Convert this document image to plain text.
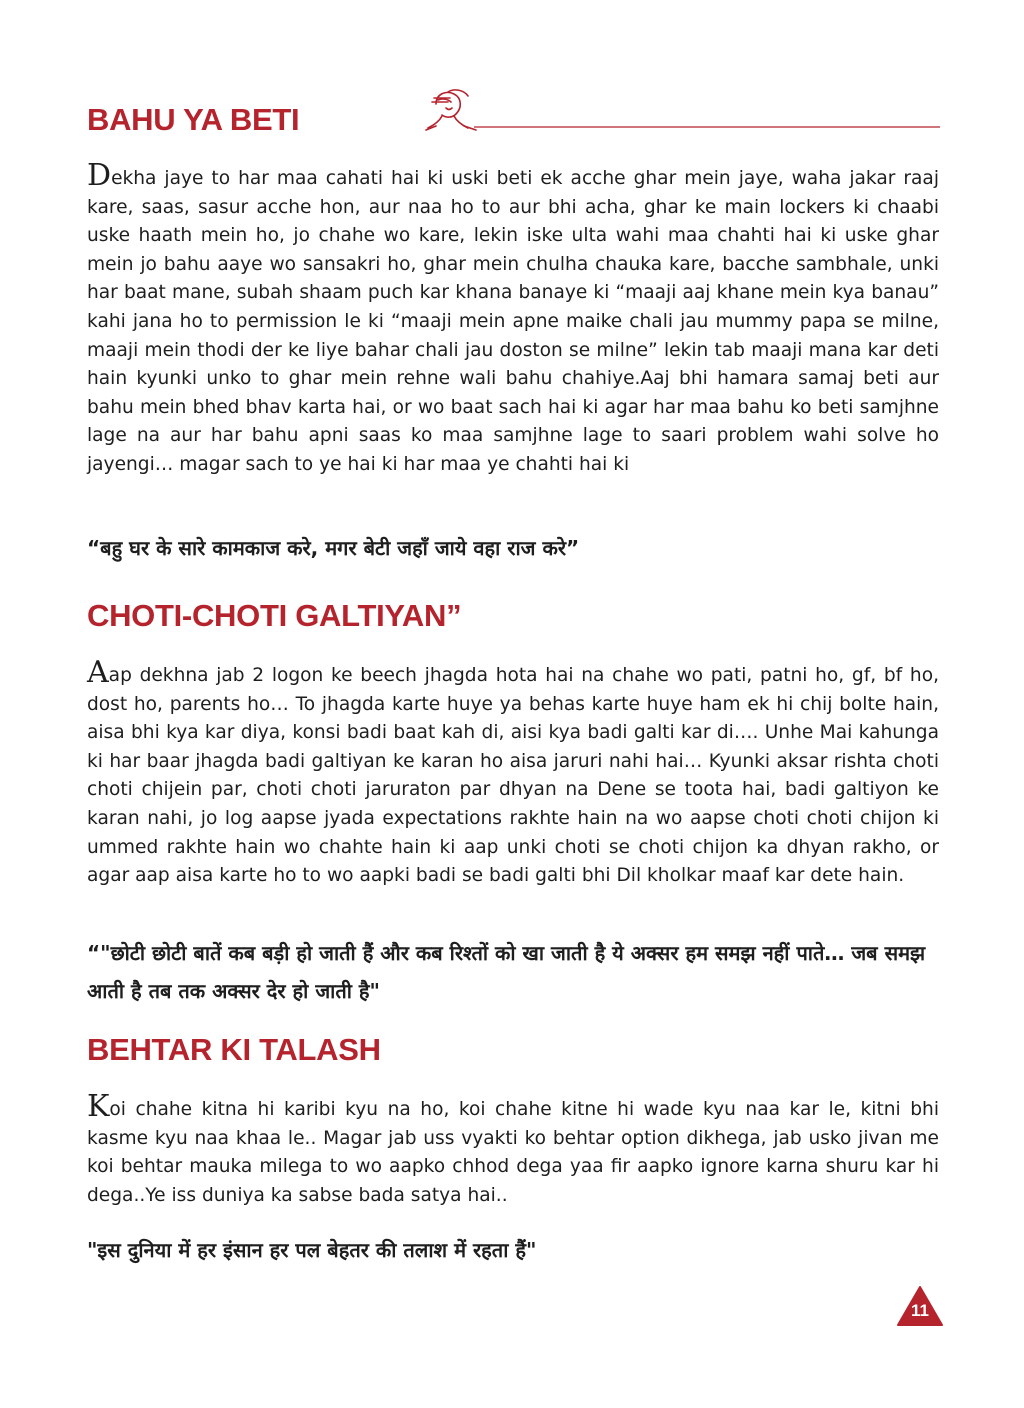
BAHU YA BETI

Dekha jaye to har maa cahati hai ki uski beti ek acche ghar mein jaye, waha jakar raaj kare, saas, sasur acche hon, aur naa ho to aur bhi acha, ghar ke main lockers ki chaabi uske haath mein ho, jo chahe wo kare, lekin iske ulta wahi maa chahti hai ki uske ghar mein jo bahu aaye wo sansakri ho, ghar mein chulha chauka kare, bacche sambhale, unki har baat mane, subah shaam puch kar khana banaye ki “maaji aaj khane mein kya banau” kahi jana ho to permission le ki “maaji mein apne maike chali jau mummy papa se milne, maaji mein thodi der ke liye bahar chali jau doston se milne” lekin tab maaji mana kar deti hain kyunki unko to ghar mein rehne wali bahu chahiye.Aaj bhi hamara samaj beti aur bahu mein bhed bhav karta hai, or wo baat sach hai ki agar har maa bahu ko beti samjhne lage na aur har bahu apni saas ko maa samjhne lage to saari problem wahi solve ho jayengi… magar sach to ye hai ki har maa ye chahti hai ki

“बहु घर के सारे कामकाज करे, मगर बेटी जहाँ जाये वहा राज करे”

CHOTI-CHOTI GALTIYAN”

Aap dekhna jab 2 logon ke beech jhagda hota hai na chahe wo pati, patni ho, gf, bf ho, dost ho, parents ho… To jhagda karte huye ya behas karte huye ham ek hi chij bolte hain, aisa bhi kya kar diya, konsi badi baat kah di, aisi kya badi galti kar di…. Unhe Mai kahunga ki har baar jhagda badi galtiyan ke karan ho aisa jaruri nahi hai… Kyunki aksar rishta choti choti chijein par, choti choti jaruraton par dhyan na Dene se toota hai, badi galtiyon ke karan nahi, jo log aapse jyada expectations rakhte hain na wo aapse choti choti chijon ki ummed rakhte hain wo chahte hain ki aap unki choti se choti chijon ka dhyan rakho, or agar aap aisa karte ho to wo aapki badi se badi galti bhi Dil kholkar maaf kar dete hain.

“"छोटी छोटी बातें कब बड़ी हो जाती हैं और कब रिश्तों को खा जाती है ये अक्सर हम समझ नहीं पाते… जब समझ आती है तब तक अक्सर देर हो जाती है"

BEHTAR KI TALASH

Koi chahe kitna hi karibi kyu na ho, koi chahe kitne hi wade kyu naa kar le, kitni bhi kasme kyu naa khaa le.. Magar jab uss vyakti ko behtar option dikhega, jab usko jivan me koi behtar mauka milega to wo aapko chhod dega yaa fir aapko ignore karna shuru kar hi dega..Ye iss duniya ka sabse bada satya hai..

"इस दुनिया में हर इंसान हर पल बेहतर की तलाश में रहता हैं"

11
